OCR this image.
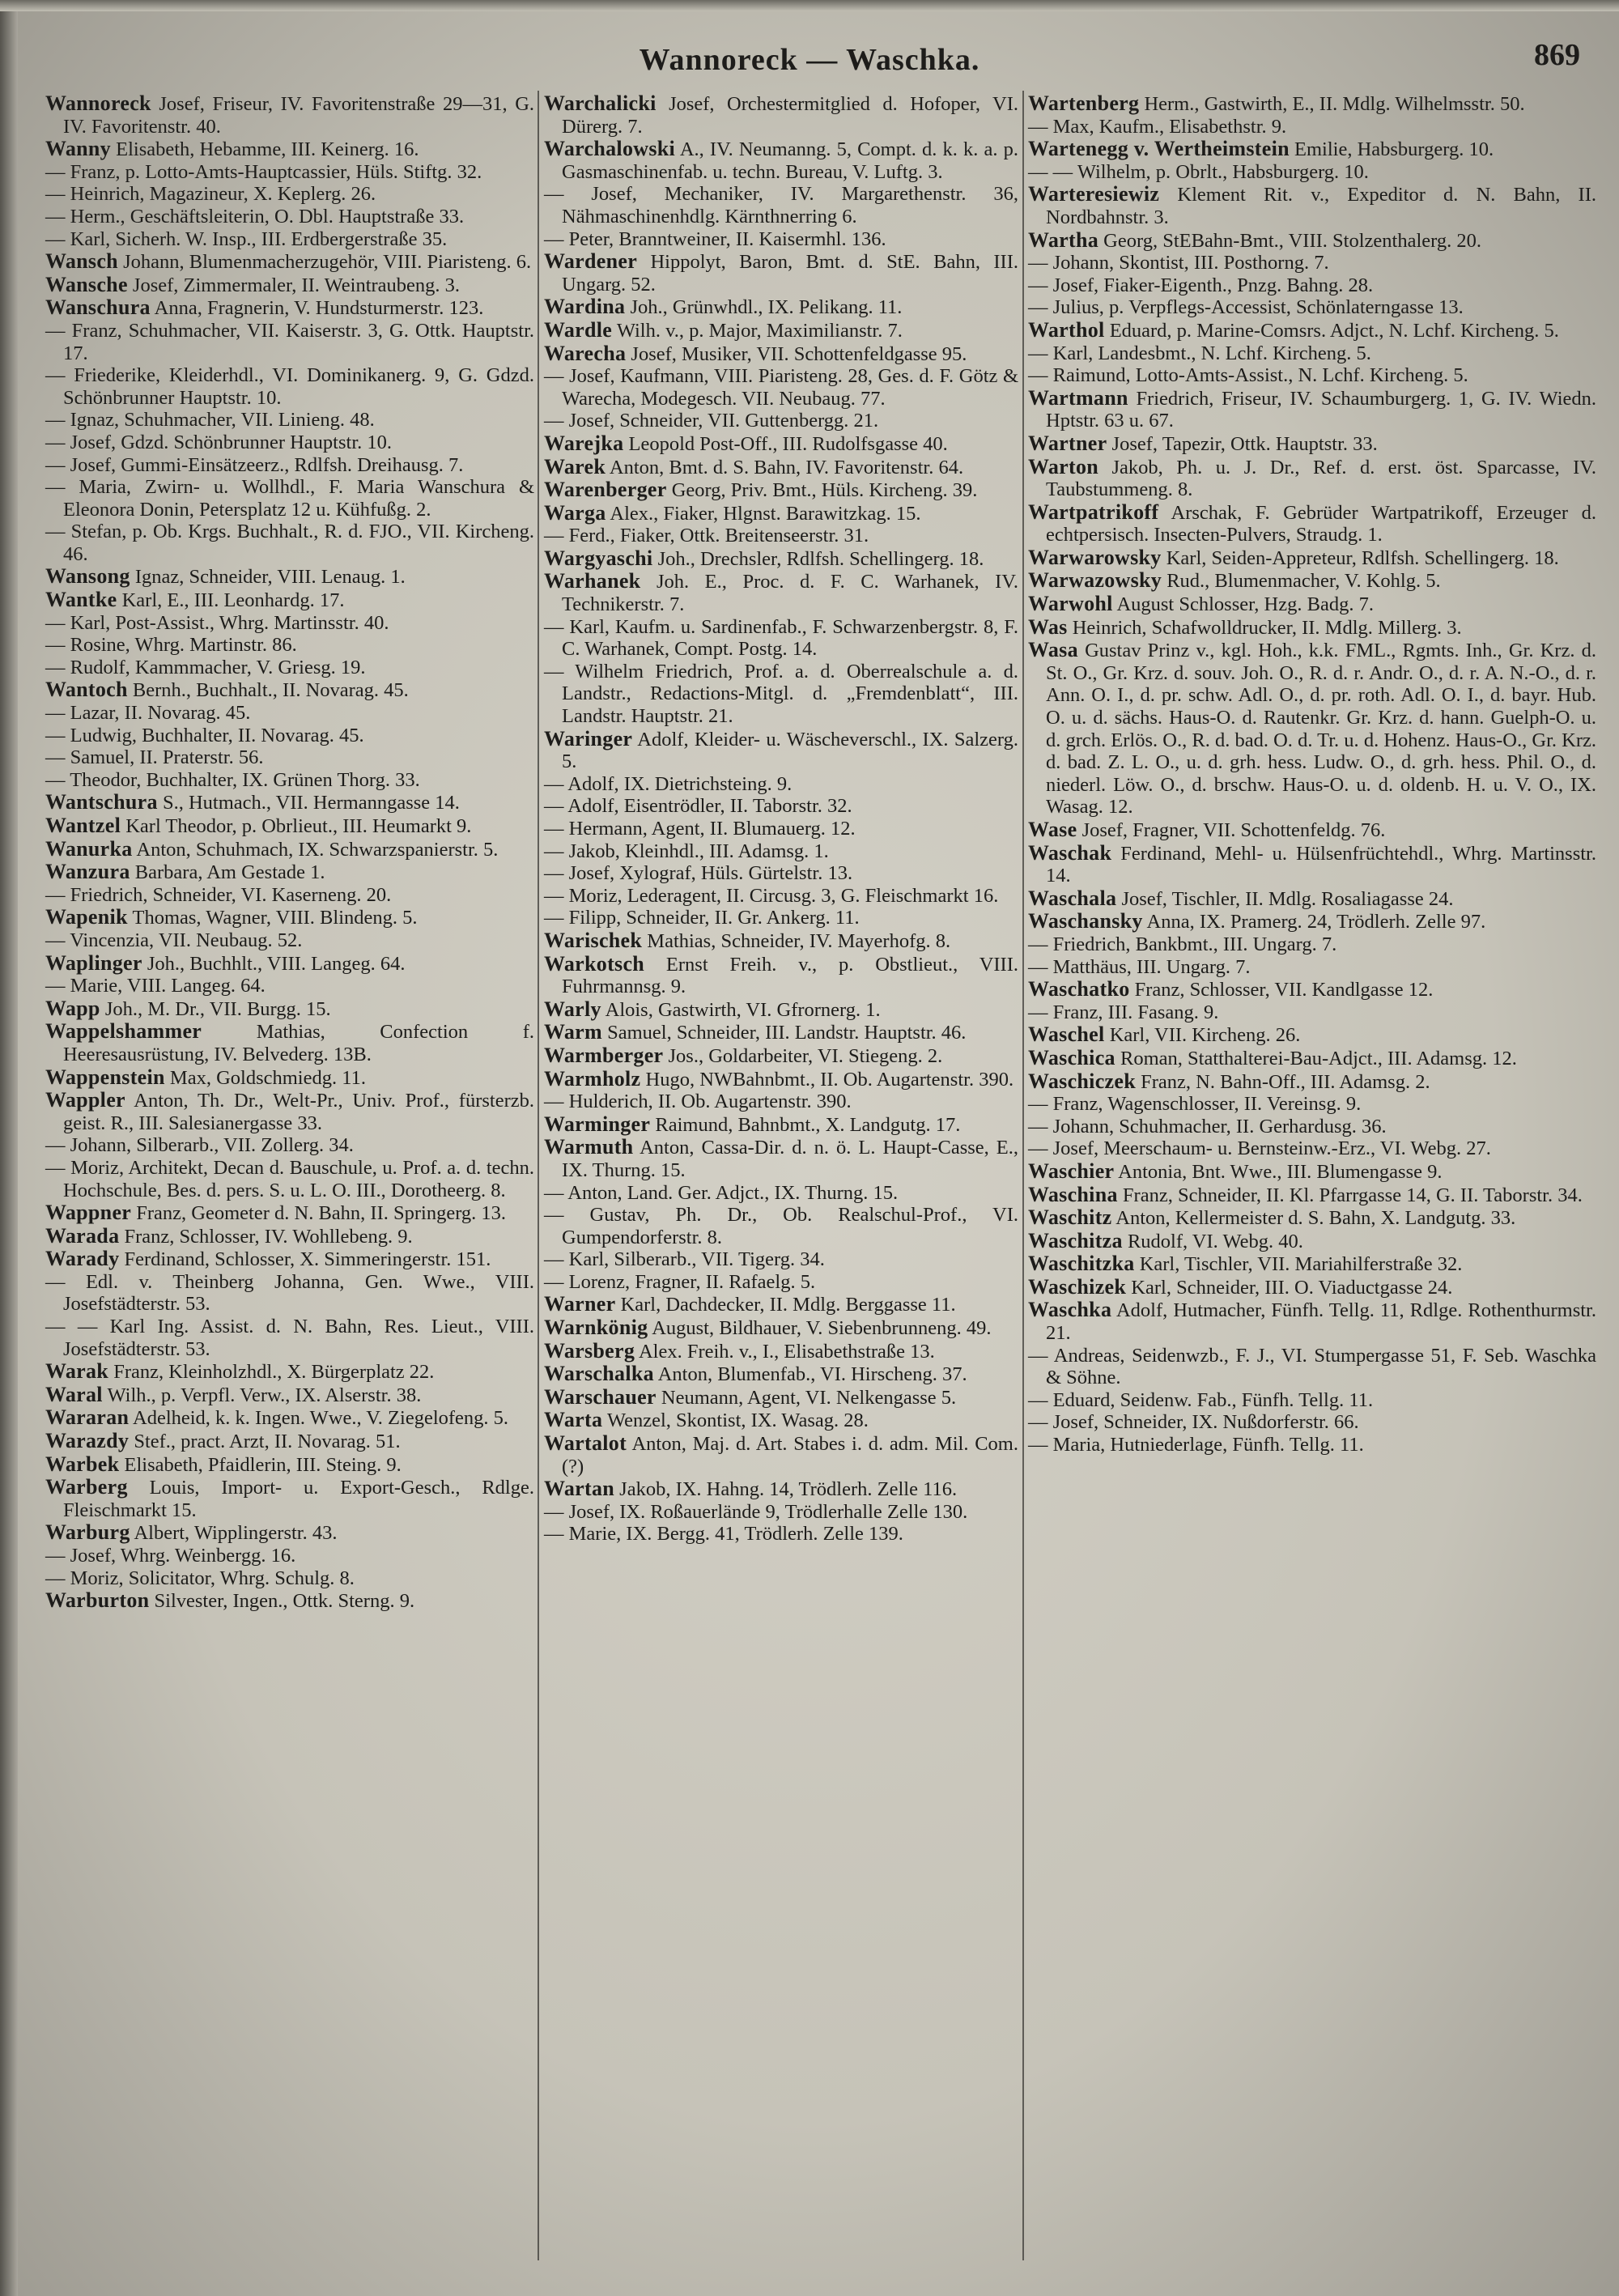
Wannoreck — Waschka.	869
Wannoreck Josef, Friseur, IV. Favoritenstraße 29—31, G. IV. Favoritenstr. 40.
Wanny Elisabeth, Hebamme, III. Keinerg. 16.
— Franz, p. Lotto-Amts-Hauptcassier, Hüls. Stiftg. 32.
— Heinrich, Magazineur, X. Keplerg. 26.
— Herm., Geschäftsleiterin, O. Dbl. Hauptstraße 33.
— Karl, Sicherh. W. Insp., III. Erdbergerstraße 35.
Wansch Johann, Blumenmacherzugehör, VIII. Piaristeng. 6.
Wansche Josef, Zimmermaler, II. Weintraubeng. 3.
Wanschura Anna, Fragnerin, V. Hundsturmerstr. 123.
— Franz, Schuhmacher, VII. Kaiserstr. 3, G. Ottk. Hauptstr. 17.
— Friederike, Kleiderhdl., VI. Dominikanerg. 9, G. Gdzd. Schönbrunner Hauptstr. 10.
— Ignaz, Schuhmacher, VII. Linieng. 48.
— Josef, Gdzd. Schönbrunner Hauptstr. 10.
— Josef, Gummi-Einsätzeerz., Rdlfsh. Dreihausg. 7.
— Maria, Zwirn- u. Wollhdl., F. Maria Wanschura & Eleonora Donin, Petersplatz 12 u. Kühfußg. 2.
— Stefan, p. Ob. Krgs. Buchhalt., R. d. FJO., VII. Kircheng. 46.
Wansong Ignaz, Schneider, VIII. Lenaug. 1.
Wantke Karl, E., III. Leonhardg. 17.
— Karl, Post-Assist., Whrg. Martinsstr. 40.
— Rosine, Whrg. Martinstr. 86.
— Rudolf, Kammmacher, V. Griesg. 19.
Wantoch Bernh., Buchhalt., II. Novarag. 45.
— Lazar, II. Novarag. 45.
— Ludwig, Buchhalter, II. Novarag. 45.
— Samuel, II. Praterstr. 56.
— Theodor, Buchhalter, IX. Grünen Thorg. 33.
Wantschura S., Hutmach., VII. Hermanngasse 14.
Wantzel Karl Theodor, p. Obrlieut., III. Heumarkt 9.
Wanurka Anton, Schuhmach, IX. Schwarzspanierstr. 5.
Wanzura Barbara, Am Gestade 1.
— Friedrich, Schneider, VI. Kaserneng. 20.
Wapenik Thomas, Wagner, VIII. Blindeng. 5.
— Vincenzia, VII. Neubaug. 52.
Waplinger Joh., Buchhlt., VIII. Langeg. 64.
— Marie, VIII. Langeg. 64.
Wapp Joh., M. Dr., VII. Burgg. 15.
Wappelshammer	Mathias, Confection f. Heeresausrüstung, IV. Belvederg. 13B.
Wappenstein Max, Goldschmiedg. 11.
Wappler Anton, Th. Dr., Welt-Pr., Univ. Prof., fürsterzb. geist. R., III. Salesianergasse 33.
— Johann, Silberarb., VII. Zollerg. 34.
— Moriz, Architekt, Decan d. Bauschule, u. Prof. a. d. techn. Hochschule, Bes. d. pers. S. u. L. O. III., Dorotheerg. 8.
Wappner Franz, Geometer d. N. Bahn, II. Springerg. 13.
Warada Franz, Schlosser, IV. Wohllebeng. 9.
Warady Ferdinand, Schlosser, X. Simmeringerstr. 151.
— Edl. v. Theinberg Johanna, Gen. Wwe., VIII. Josefstädterstr. 53.
— — Karl Ing. Assist. d. N. Bahn, Res. Lieut., VIII. Josefstädterstr. 53.
Warak Franz, Kleinholzhdl., X. Bürgerplatz 22.
Waral Wilh., p. Verpfl. Verw., IX. Alserstr. 38.
Wararan Adelheid, k. k. Ingen. Wwe., V. Ziegelofeng. 5.
Warazdy Stef., pract. Arzt, II. Novarag. 51.
Warbek Elisabeth, Pfaidlerin, III. Steing. 9.
Warberg Louis, Import- u. Export-Gesch., Rdlge. Fleischmarkt 15.
Warburg Albert, Wipplingerstr. 43.
— Josef, Whrg. Weinbergg. 16.
— Moriz, Solicitator, Whrg. Schulg. 8.
Warburton Silvester, Ingen., Ottk. Sterng. 9.
Warchalicki Josef, Orchestermitglied d. Hofoper, VI. Dürerg. 7.
Warchalowski A., IV. Neumanng. 5, Compt. d. k. k. a. p. Gasmaschinenfab. u. techn. Bureau, V. Luftg. 3.
— Josef, Mechaniker, IV. Margarethenstr. 36, Nähmaschinenhdlg. Kärnthnerring 6.
— Peter, Branntweiner, II. Kaisermhl. 136.
Wardener Hippolyt, Baron, Bmt. d. StE. Bahn, III. Ungarg. 52.
Wardina Joh., Grünwhdl., IX. Pelikang. 11.
Wardle Wilh. v., p. Major, Maximilianstr. 7.
Warecha Josef, Musiker, VII. Schottenfeldgasse 95.
— Josef, Kaufmann, VIII. Piaristeng. 28, Ges. d. F. Götz & Warecha, Modegesch. VII. Neubaug. 77.
— Josef, Schneider, VII. Guttenbergg. 21.
Warejka Leopold Post-Off., III. Rudolfsgasse 40.
Warek Anton, Bmt. d. S. Bahn, IV. Favoritenstr. 64.
Warenberger Georg, Priv. Bmt., Hüls. Kircheng. 39.
Warga Alex., Fiaker, Hlgnst. Barawitzkag. 15.
— Ferd., Fiaker, Ottk. Breitenseerstr. 31.
Wargyaschi Joh., Drechsler, Rdlfsh. Schellingerg. 18.
Warhanek Joh. E., Proc. d. F. C. Warhanek, IV. Technikerstr. 7.
— Karl, Kaufm. u. Sardinenfab., F. Schwarzenbergstr. 8, F. C. Warhanek, Compt. Postg. 14.
— Wilhelm Friedrich, Prof. a. d. Oberrealschule a. d. Landstr., Redactions-Mitgl. d. „Fremdenblatt“, III. Landstr. Hauptstr. 21.
Waringer Adolf, Kleider- u. Wäscheverschl., IX. Salzerg. 5.
— Adolf, IX. Dietrichsteing. 9.
— Adolf, Eisentrödler, II. Taborstr. 32.
— Hermann, Agent, II. Blumauerg. 12.
— Jakob, Kleinhdl., III. Adamsg. 1.
— Josef, Xylograf, Hüls. Gürtelstr. 13.
— Moriz, Lederagent, II. Circusg. 3, G. Fleischmarkt 16.
— Filipp, Schneider, II. Gr. Ankerg. 11.
Warischek Mathias, Schneider, IV. Mayerhofg. 8.
Warkotsch Ernst Freih. v., p. Obstlieut., VIII. Fuhrmannsg. 9.
Warly Alois, Gastwirth, VI. Gfrornerg. 1.
Warm Samuel, Schneider, III. Landstr. Hauptstr. 46.
Warmberger Jos., Goldarbeiter, VI. Stiegeng. 2.
Warmholz Hugo, NWBahnbmt., II. Ob. Augartenstr. 390.
— Hulderich, II. Ob. Augartenstr. 390.
Warminger Raimund, Bahnbmt., X. Landgutg. 17.
Warmuth Anton, Cassa-Dir. d. n. ö. L. Haupt-Casse, E., IX. Thurng. 15.
— Anton, Land. Ger. Adjct., IX. Thurng. 15.
— Gustav, Ph. Dr., Ob. Realschul-Prof., VI. Gumpendorferstr. 8.
— Karl, Silberarb., VII. Tigerg. 34.
— Lorenz, Fragner, II. Rafaelg. 5.
Warner Karl, Dachdecker, II. Mdlg. Berggasse 11.
Warnkönig August, Bildhauer, V. Siebenbrunneng. 49.
Warsberg Alex. Freih. v., I., Elisabethstraße 13.
Warschalka Anton, Blumenfab., VI. Hirscheng. 37.
Warschauer Neumann, Agent, VI. Nelkengasse 5.
Warta Wenzel, Skontist, IX. Wasag. 28.
Wartalot Anton, Maj. d. Art. Stabes i. d. adm. Mil. Com. (?)
Wartan Jakob, IX. Hahng. 14, Trödlerh. Zelle 116.
— Josef, IX. Roßauerlände 9, Trödlerhalle Zelle 130.
— Marie, IX. Bergg. 41, Trödlerh. Zelle 139.
Wartenberg Herm., Gastwirth, E., II. Mdlg. Wilhelmsstr. 50.
— Max, Kaufm., Elisabethstr. 9.
Wartenegg v. Wertheimstein Emilie, Habsburgerg. 10.
— — Wilhelm, p. Obrlt., Habsburgerg. 10.
Warteresiewiz Klement Rit. v., Expeditor d. N. Bahn, II. Nordbahnstr. 3.
Wartha Georg, StEBahn-Bmt., VIII. Stolzenthalerg. 20.
— Johann, Skontist, III. Posthorng. 7.
— Josef, Fiaker-Eigenth., Pnzg. Bahng. 28.
— Julius, p. Verpflegs-Accessist, Schönlaterngasse 13.
Warthol Eduard, p. Marine-Comsrs. Adjct., N. Lchf. Kircheng. 5.
— Karl, Landesbmt., N. Lchf. Kircheng. 5.
— Raimund, Lotto-Amts-Assist., N. Lchf. Kircheng. 5.
Wartmann Friedrich, Friseur, IV. Schaumburgerg. 1, G. IV. Wiedn. Hptstr. 63 u. 67.
Wartner Josef, Tapezir, Ottk. Hauptstr. 33.
Warton Jakob, Ph. u. J. Dr., Ref. d. erst. öst. Sparcasse, IV. Taubstummeng. 8.
Wartpatrikoff Arschak, F. Gebrüder Wartpatrikoff, Erzeuger d. echtpersisch. Insecten-Pulvers, Straudg. 1.
Warwarowsky Karl, Seiden-Appreteur, Rdlfsh. Schellingerg. 18.
Warwazowsky Rud., Blumenmacher, V. Kohlg. 5.
Warwohl August Schlosser, Hzg. Badg. 7.
Was Heinrich, Schafwolldrucker, II. Mdlg. Millerg. 3.
Wasa Gustav Prinz v., kgl. Hoh., k.k. FML., Rgmts. Inh., Gr. Krz. d. St. O., Gr. Krz. d. souv. Joh. O., R. d. r. Andr. O., d. r. A. N.-O., d. r. Ann. O. I., d. pr. schw. Adl. O., d. pr. roth. Adl. O. I., d. bayr. Hub. O. u. d. sächs. Haus-O. d. Rautenkr. Gr. Krz. d. hann. Guelph-O. u. d. grch. Erlös. O., R. d. bad. O. d. Tr. u. d. Hohenz. Haus-O., Gr. Krz. d. bad. Z. L. O., u. d. grh. hess. Ludw. O., d. grh. hess. Phil. O., d. niederl. Löw. O., d. brschw. Haus-O. u. d. oldenb. H. u. V. O., IX. Wasag. 12.
Wase Josef, Fragner, VII. Schottenfeldg. 76.
Waschak Ferdinand, Mehl- u. Hülsenfrüchtehdl., Whrg. Martinsstr. 14.
Waschala Josef, Tischler, II. Mdlg. Rosaliagasse 24.
Waschansky Anna, IX. Pramerg. 24, Trödlerh. Zelle 97.
— Friedrich, Bankbmt., III. Ungarg. 7.
— Matthäus, III. Ungarg. 7.
Waschatko Franz, Schlosser, VII. Kandlgasse 12.
— Franz, III. Fasang. 9.
Waschel Karl, VII. Kircheng. 26.
Waschica Roman, Statthalterei-Bau-Adjct., III. Adamsg. 12.
Waschiczek Franz, N. Bahn-Off., III. Adamsg. 2.
— Franz, Wagenschlosser, II. Vereinsg. 9.
— Johann, Schuhmacher, II. Gerhardusg. 36.
— Josef, Meerschaum- u. Bernsteinw.-Erz., VI. Webg. 27.
Waschier Antonia, Bnt. Wwe., III. Blumengasse 9.
Waschina Franz, Schneider, II. Kl. Pfarrgasse 14, G. II. Taborstr. 34.
Waschitz Anton, Kellermeister d. S. Bahn, X. Landgutg. 33.
Waschitza Rudolf, VI. Webg. 40.
Waschitzka Karl, Tischler, VII. Mariahilferstraße 32.
Waschizek Karl, Schneider, III. O. Viaductgasse 24.
Waschka Adolf, Hutmacher, Fünfh. Tellg. 11, Rdlge. Rothenthurmstr. 21.
— Andreas, Seidenwzb., F. J., VI. Stumpergasse 51, F. Seb. Waschka & Söhne.
— Eduard, Seidenw. Fab., Fünfh. Tellg. 11.
— Josef, Schneider, IX. Nußdorferstr. 66.
— Maria, Hutniederlage, Fünfh. Tellg. 11.
